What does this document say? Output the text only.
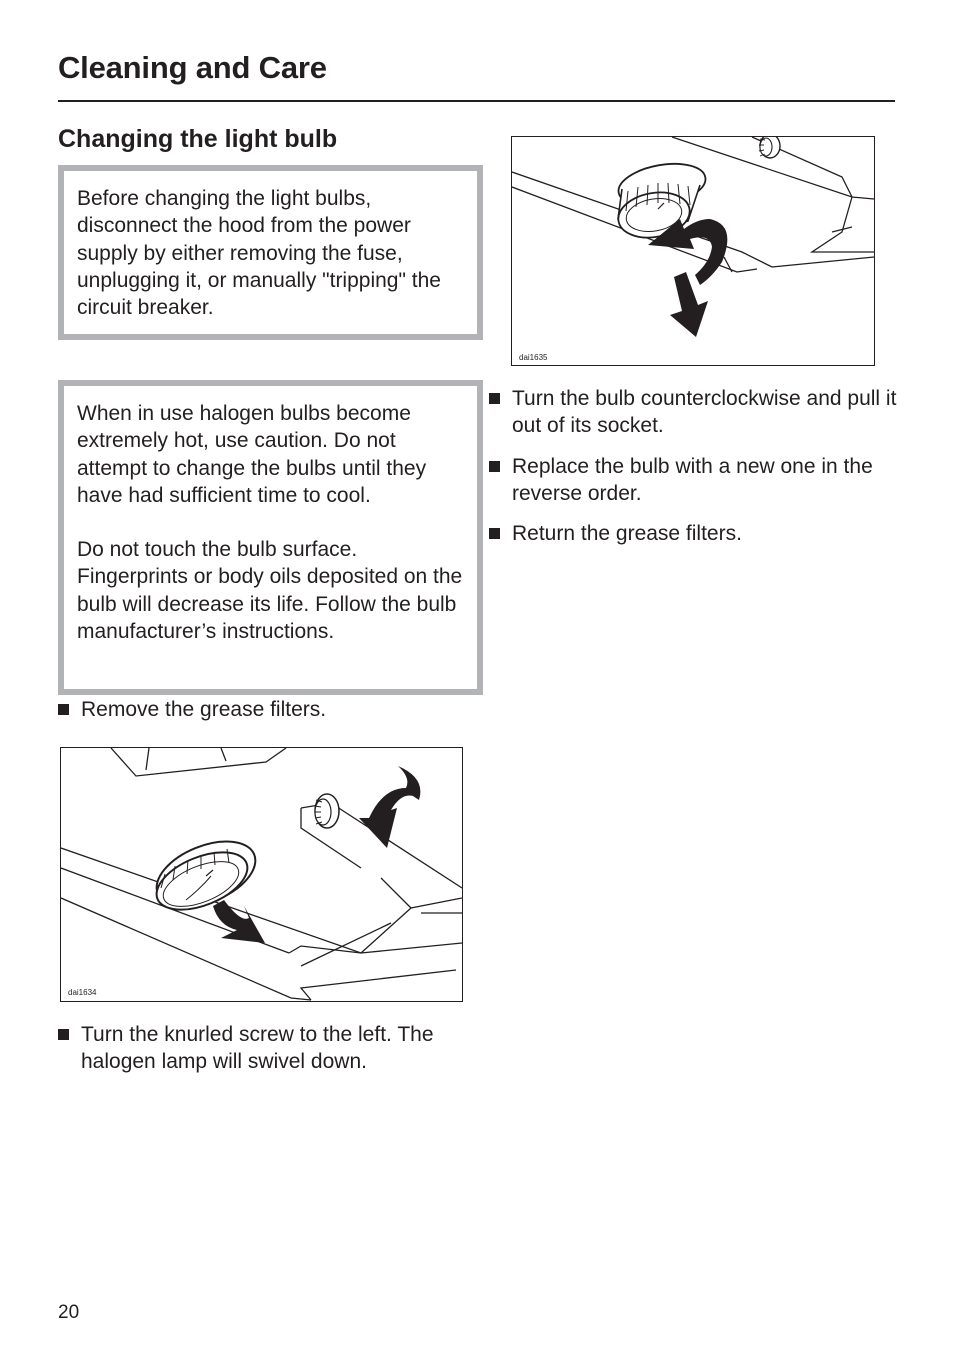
Cleaning and Care
Changing the light bulb

Before changing the light bulbs, disconnect the hood from the power supply by either removing the fuse, unplugging it, or manually "tripping" the circuit breaker.

When in use halogen bulbs become extremely hot, use caution. Do not attempt to change the bulbs until they have had sufficient time to cool.

Do not touch the bulb surface. Fingerprints or body oils deposited on the bulb will decrease its life. Follow the bulb manufacturer’s instructions.

Remove the grease filters.
dai1634
Turn the knurled screw to the left. The halogen lamp will swivel down.
dai1635
Turn the bulb counterclockwise and pull it out of its socket.
Replace the bulb with a new one in the reverse order.
Return the grease filters.
20
